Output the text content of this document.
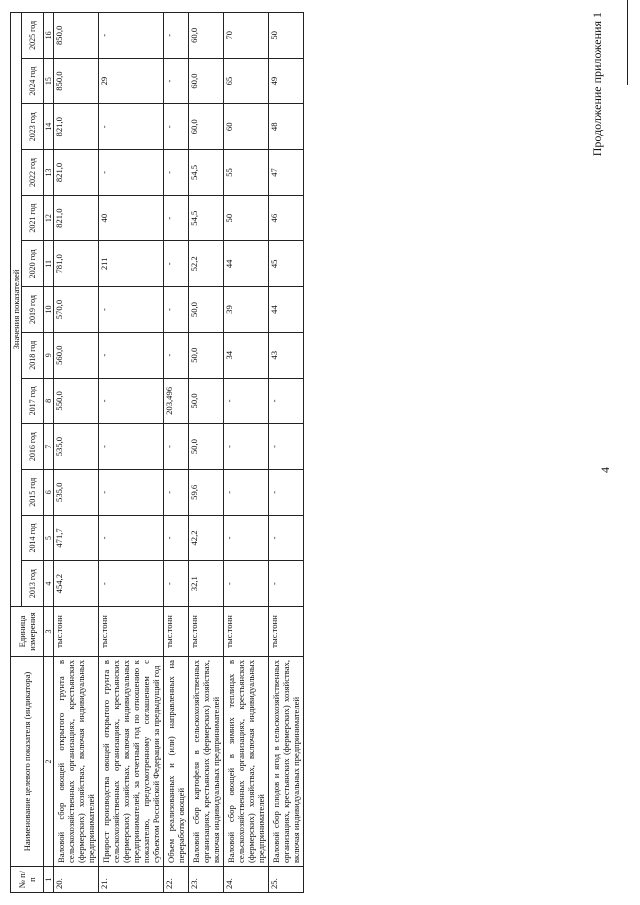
4
Продолжение приложения 1
№ п/п	Наименование целевого показателя (индикатора)	Единица измерения	Значения показателей												
			2013 год	2014 год	2015 год	2016 год	2017 год	2018 год	2019 год	2020 год	2021 год	2022 год	2023 год	2024 год	2025 год
1	2	3	4	5	6	7	8	9	10	11	12	13	14	15	16
20.	Валовой сбор овощей открытого грунта в сельскохозяйственных организациях, крестьянских (фермерских) хозяйствах, включая индивидуальных предпринимателей	тыс.тонн	454,2	471,7	535,0	535,0	550,0	560,0	570,0	781,0	821,0	821,0	821,0	850,0	850,0
21.	Прирост производства овощей открытого грунта в сельскохозяйственных организациях, крестьянских (фермерских) хозяйствах, включая индивидуальных предпринимателей, за отчетный год по отношению к показателю, предусмотренному соглашением с субъектом Российской Федерации за предыдущий год	тыс.тонн	-	-	-	-	-	-	-	211	40	-	-	29	-
22.	Объем реализованных и (или) направленных на переработку овощей	тыс.тонн	-	-	-	-	203,496	-	-	-	-	-	-	-	-
23.	Валовой сбор картофеля в сельскохозяйственных организациях, крестьянских (фермерских) хозяйствах, включая индивидуальных предпринимателей	тыс.тонн	32,1	42,2	59,6	50,0	50,0	50,0	50,0	52,2	54,5	54,5	60,0	60,0	60,0
24.	Валовой сбор овощей в зимних теплицах в сельскохозяйственных организациях, крестьянских (фермерских) хозяйствах, включая индивидуальных предпринимателей	тыс.тонн	-	-	-	-	-	34	39	44	50	55	60	65	70
25.	Валовой сбор плодов и ягод в сельскохозяйственных организациях, крестьянских (фермерских) хозяйствах, включая индивидуальных предпринимателей	тыс.тонн	-	-	-	-	-	43	44	45	46	47	48	49	50
